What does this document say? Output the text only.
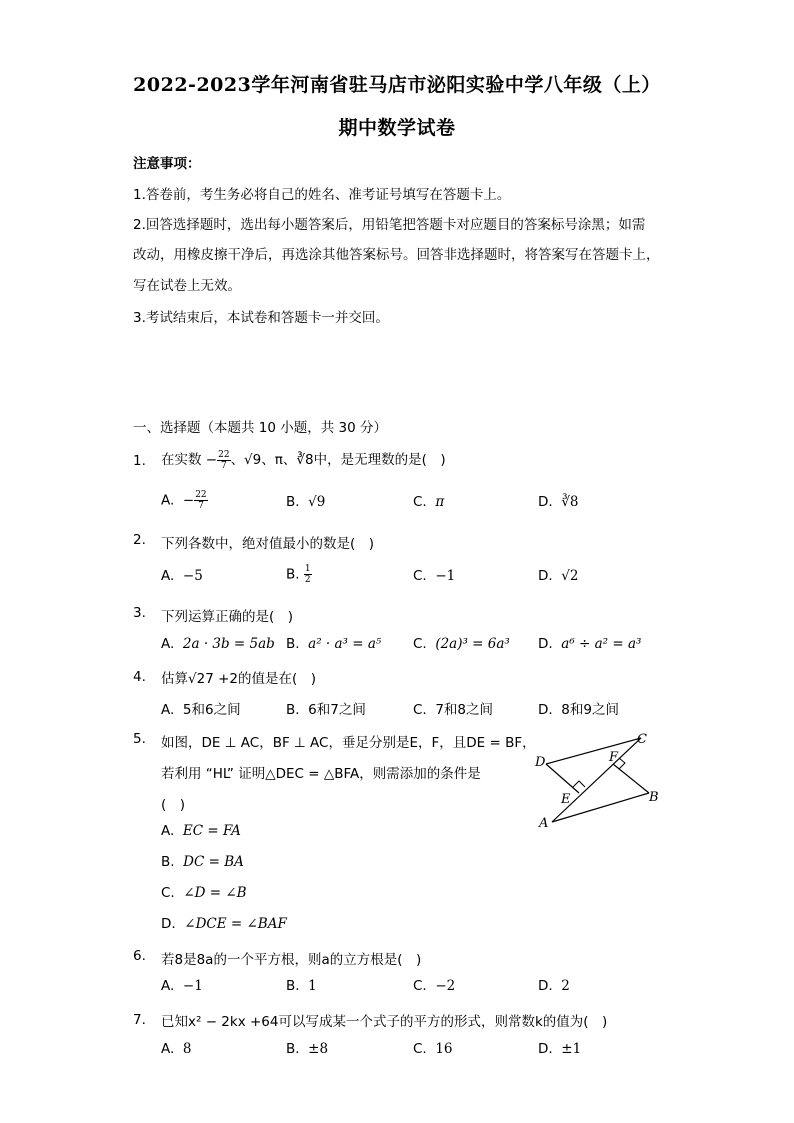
2022-2023学年河南省驻马店市泌阳实验中学八年级（上）
期中数学试卷
注意事项：
1.答卷前，考生务必将自己的姓名、准考证号填写在答题卡上。
2.回答选择题时，选出每小题答案后，用铅笔把答题卡对应题目的答案标号涂黑；如需
改动，用橡皮擦干净后，再选涂其他答案标号。回答非选择题时，将答案写在答题卡上，
写在试卷上无效。
3.考试结束后，本试卷和答题卡一并交回。
一、选择题（本题共 10 小题，共 30 分）
1. 在实数 − $\frac{22}{7}$ 、√9、π、∛8中，是无理数的是(　)
A. − $\frac{22}{7}$	B. √9	C. π	D. ∛8
2. 下列各数中，绝对值最小的数是(　)
A. −5	B. $\frac{1}{2}$	C. −1	D. √2
3. 下列运算正确的是(　)
A. 2a · 3b = 5ab B. a² · a³ = a⁵ C. (2a)³ = 6a³ D. a⁶ ÷ a² = a³
4. 估算√27 +2的值是在(　)
A. 5和6之间	B. 6和7之间	C. 7和8之间	D. 8和9之间
5. 如图，DE ⊥ AC，BF ⊥ AC，垂足分别是E，F，且DE = BF，
若利用 “HL” 证明△DEC = △BFA，则需添加的条件是
(　)
A. EC = FA
B. DC = BA
C. ∠D = ∠B
D. ∠DCE = ∠BAF
D
C
F
E	B
A
6. 若8是8a的一个平方根，则a的立方根是(　)
A. −1	B. 1	C. −2	D. 2
7. 已知x² − 2kx +64可以写成某一个式子的平方的形式，则常数k的值为(　)
A. 8	B. ±8	C. 16	D. ±1
